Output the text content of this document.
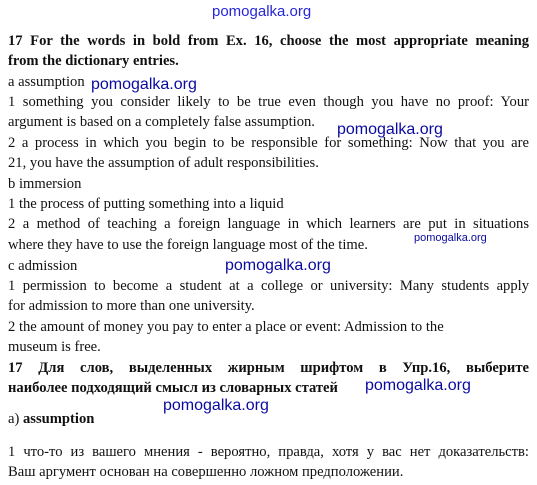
pomogalka.org
pomogalka.org
pomogalka.org
pomogalka.org
pomogalka.org
pomogalka.org
pomogalka.org
17 For the words in bold from Ex. 16, choose the most appropriate meaning
from the dictionary entries.
a assumption
1 something you consider likely to be true even though you have no proof: Your
argument is based on a completely false assumption.
2 a process in which you begin to be responsible for something: Now that you are
21, you have the assumption of adult responsibilities.
b immersion
1 the process of putting something into a liquid
2 a method of teaching a foreign language in which learners are put in situations
where they have to use the foreign language most of the time.
c admission
1 permission to become a student at a college or university: Many students apply
for admission to more than one university.
2 the amount of money you pay to enter a place or event: Admission to the
museum is free.
17 Для слов, выделенных жирным шрифтом в Упр.16, выберите
наиболее подходящий смысл из словарных статей
а) assumption
1 что-то из вашего мнения - вероятно, правда, хотя у вас нет доказательств:
Ваш аргумент основан на совершенно ложном предположении.
